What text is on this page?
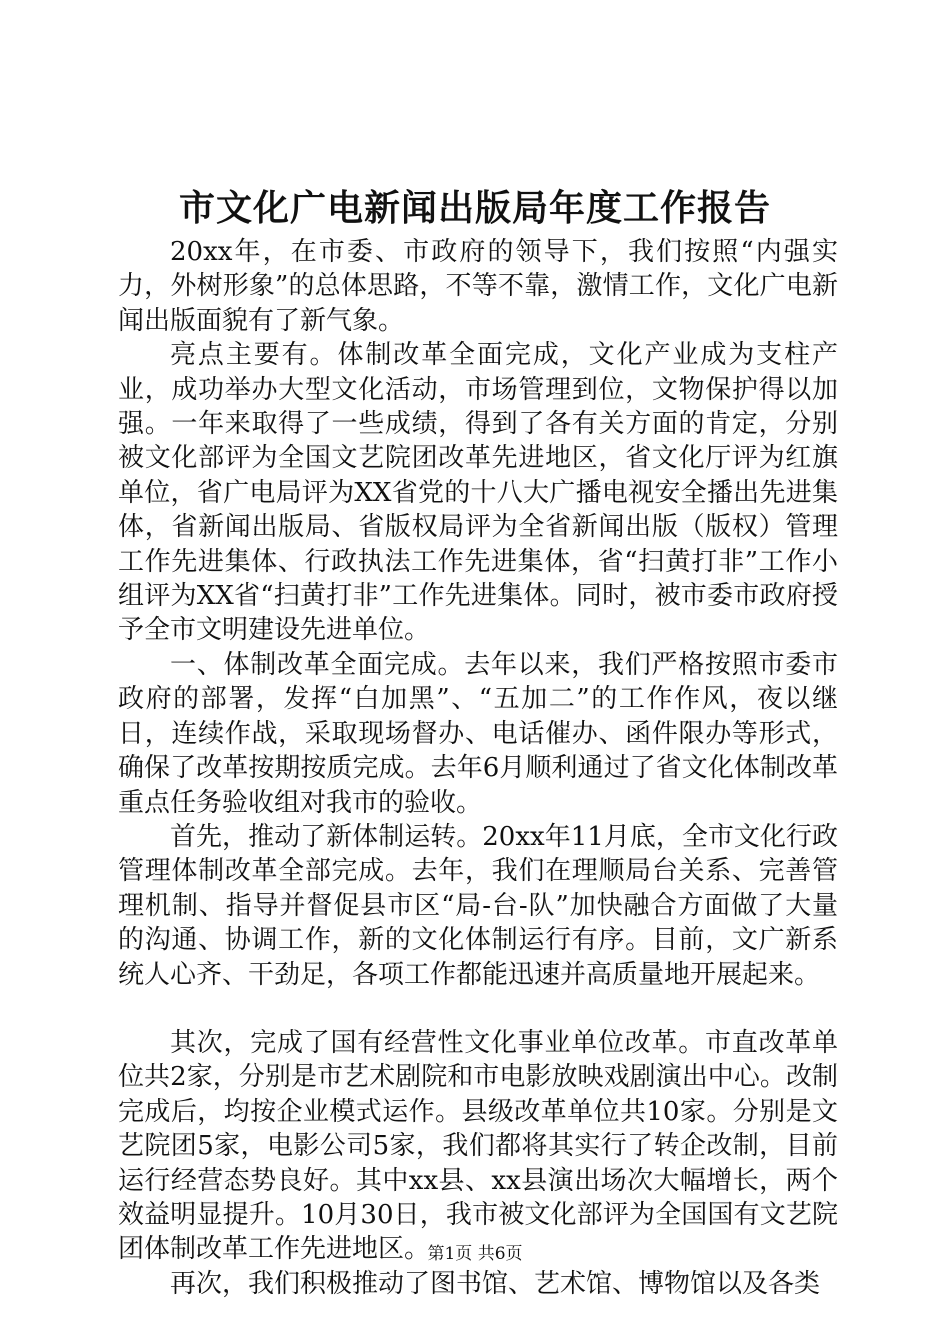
市文化广电新闻出版局年度工作报告

20xx年，在市委、市政府的领导下，我们按照“内强实力，外树形象”的总体思路，不等不靠，激情工作，文化广电新闻出版面貌有了新气象。

亮点主要有。体制改革全面完成，文化产业成为支柱产业，成功举办大型文化活动，市场管理到位，文物保护得以加强。一年来取得了一些成绩，得到了各有关方面的肯定，分别被文化部评为全国文艺院团改革先进地区，省文化厅评为红旗单位，省广电局评为XX省党的十八大广播电视安全播出先进集体，省新闻出版局、省版权局评为全省新闻出版（版权）管理工作先进集体、行政执法工作先进集体，省“扫黄打非”工作小组评为XX省“扫黄打非”工作先进集体。同时，被市委市政府授予全市文明建设先进单位。

一、体制改革全面完成。去年以来，我们严格按照市委市政府的部署，发挥“白加黑”、“五加二”的工作作风，夜以继日，连续作战，采取现场督办、电话催办、函件限办等形式，确保了改革按期按质完成。去年6月顺利通过了省文化体制改革重点任务验收组对我市的验收。

首先，推动了新体制运转。20xx年11月底，全市文化行政管理体制改革全部完成。去年，我们在理顺局台关系、完善管理机制、指导并督促县市区“局-台-队”加快融合方面做了大量的沟通、协调工作，新的文化体制运行有序。目前，文广新系统人心齐、干劲足，各项工作都能迅速并高质量地开展起来。

其次，完成了国有经营性文化事业单位改革。市直改革单位共2家，分别是市艺术剧院和市电影放映戏剧演出中心。改制完成后，均按企业模式运作。县级改革单位共10家。分别是文艺院团5家，电影公司5家，我们都将其实行了转企改制，目前运行经营态势良好。其中xx县、xx县演出场次大幅增长，两个效益明显提升。10月30日，我市被文化部评为全国国有文艺院团体制改革工作先进地区。

再次，我们积极推动了图书馆、艺术馆、博物馆以及各类

第1页 共6页
